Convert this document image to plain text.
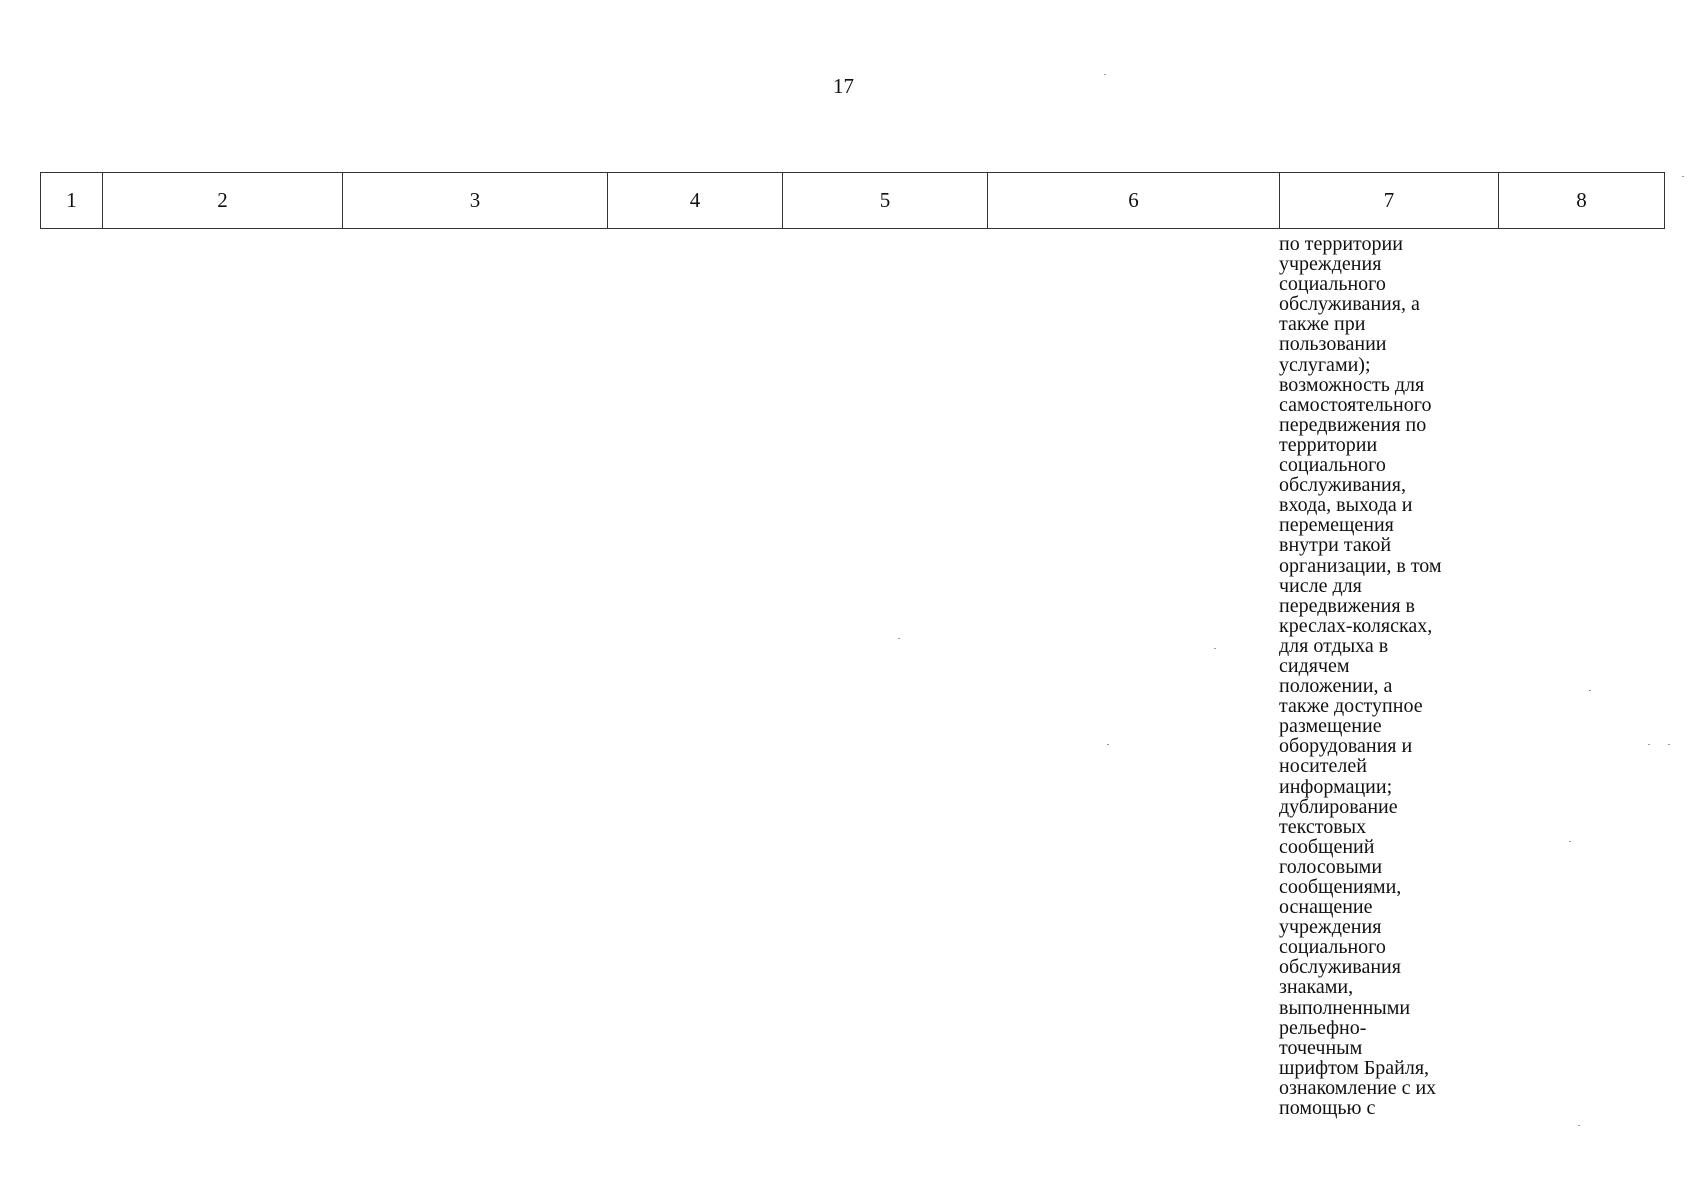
17
1	2	3	4	5	6	7	8
по территории
учреждения
социального
обслуживания, а
также при
пользовании
услугами);
возможность для
самостоятельного
передвижения по
территории
социального
обслуживания,
входа, выхода и
перемещения
внутри такой
организации, в том
числе для
передвижения в
креслах-колясках,
для отдыха в
сидячем
положении, а
также доступное
размещение
оборудования и
носителей
информации;
дублирование
текстовых
сообщений
голосовыми
сообщениями,
оснащение
учреждения
социального
обслуживания
знаками,
выполненными
рельефно-
точечным
шрифтом Брайля,
ознакомление с их
помощью с
